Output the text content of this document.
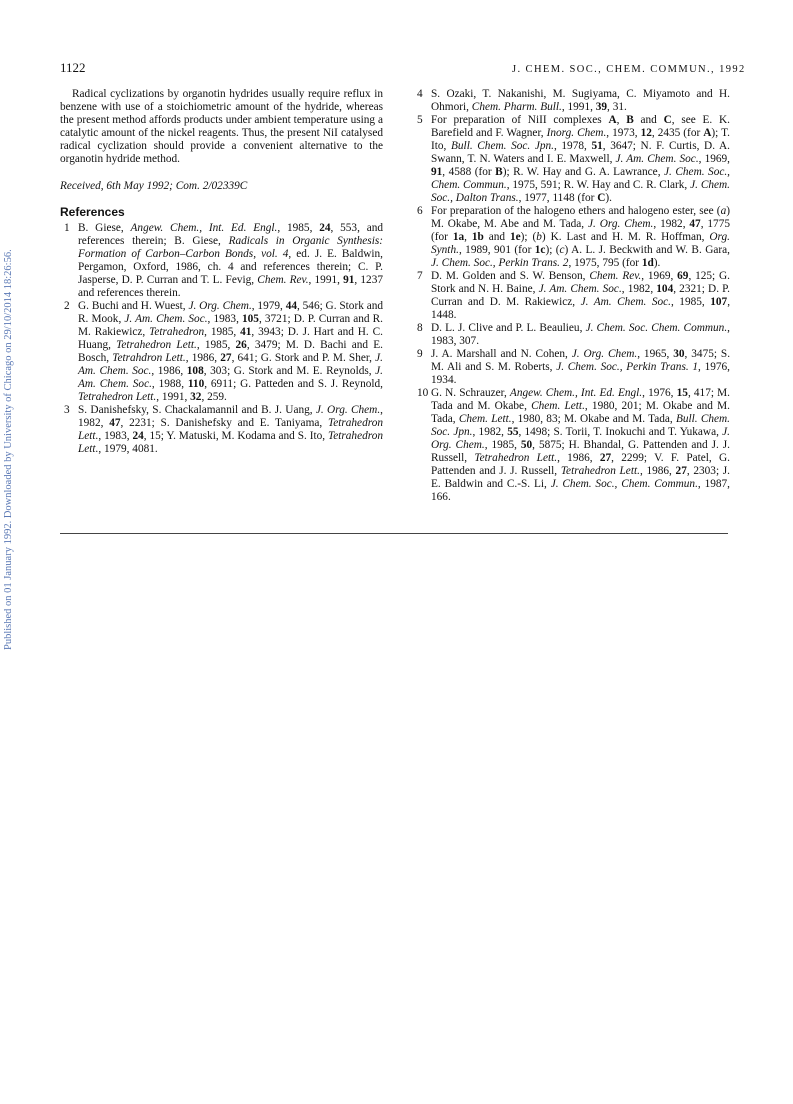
1122	J. CHEM. SOC., CHEM. COMMUN., 1992
Published on 01 January 1992. Downloaded by University of Chicago on 29/10/2014 18:26:56.

Radical cyclizations by organotin hydrides usually require reflux in benzene with use of a stoichiometric amount of the hydride, whereas the present method affords products under ambient temperature using a catalytic amount of the nickel reagents. Thus, the present NiI catalysed radical cyclization should provide a convenient alternative to the organotin hydride method.

Received, 6th May 1992; Com. 2/02339C

References
1 B. Giese, Angew. Chem., Int. Ed. Engl., 1985, 24, 553, and references therein; B. Giese, Radicals in Organic Synthesis: Formation of Carbon–Carbon Bonds, vol. 4, ed. J. E. Baldwin, Pergamon, Oxford, 1986, ch. 4 and references therein; C. P. Jasperse, D. P. Curran and T. L. Fevig, Chem. Rev., 1991, 91, 1237 and references therein.
2 G. Buchi and H. Wuest, J. Org. Chem., 1979, 44, 546; G. Stork and R. Mook, J. Am. Chem. Soc., 1983, 105, 3721; D. P. Curran and R. M. Rakiewicz, Tetrahedron, 1985, 41, 3943; D. J. Hart and H. C. Huang, Tetrahedron Lett., 1985, 26, 3479; M. D. Bachi and E. Bosch, Tetrahdron Lett., 1986, 27, 641; G. Stork and P. M. Sher, J. Am. Chem. Soc., 1986, 108, 303; G. Stork and M. E. Reynolds, J. Am. Chem. Soc., 1988, 110, 6911; G. Patteden and S. J. Reynold, Tetrahedron Lett., 1991, 32, 259.
3 S. Danishefsky, S. Chackalamannil and B. J. Uang, J. Org. Chem., 1982, 47, 2231; S. Danishefsky and E. Taniyama, Tetrahedron Lett., 1983, 24, 15; Y. Matuski, M. Kodama and S. Ito, Tetrahedron Lett., 1979, 4081.
4 S. Ozaki, T. Nakanishi, M. Sugiyama, C. Miyamoto and H. Ohmori, Chem. Pharm. Bull., 1991, 39, 31.
5 For preparation of NiII complexes A, B and C, see E. K. Barefield and F. Wagner, Inorg. Chem., 1973, 12, 2435 (for A); T. Ito, Bull. Chem. Soc. Jpn., 1978, 51, 3647; N. F. Curtis, D. A. Swann, T. N. Waters and I. E. Maxwell, J. Am. Chem. Soc., 1969, 91, 4588 (for B); R. W. Hay and G. A. Lawrance, J. Chem. Soc., Chem. Commun., 1975, 591; R. W. Hay and C. R. Clark, J. Chem. Soc., Dalton Trans., 1977, 1148 (for C).
6 For preparation of the halogeno ethers and halogeno ester, see (a) M. Okabe, M. Abe and M. Tada, J. Org. Chem., 1982, 47, 1775 (for 1a, 1b and 1e); (b) K. Last and H. M. R. Hoffman, Org. Synth., 1989, 901 (for 1c); (c) A. L. J. Beckwith and W. B. Gara, J. Chem. Soc., Perkin Trans. 2, 1975, 795 (for 1d).
7 D. M. Golden and S. W. Benson, Chem. Rev., 1969, 69, 125; G. Stork and N. H. Baine, J. Am. Chem. Soc., 1982, 104, 2321; D. P. Curran and D. M. Rakiewicz, J. Am. Chem. Soc., 1985, 107, 1448.
8 D. L. J. Clive and P. L. Beaulieu, J. Chem. Soc. Chem. Commun., 1983, 307.
9 J. A. Marshall and N. Cohen, J. Org. Chem., 1965, 30, 3475; S. M. Ali and S. M. Roberts, J. Chem. Soc., Perkin Trans. 1, 1976, 1934.
10 G. N. Schrauzer, Angew. Chem., Int. Ed. Engl., 1976, 15, 417; M. Tada and M. Okabe, Chem. Lett., 1980, 201; M. Okabe and M. Tada, Chem. Lett., 1980, 83; M. Okabe and M. Tada, Bull. Chem. Soc. Jpn., 1982, 55, 1498; S. Torii, T. Inokuchi and T. Yukawa, J. Org. Chem., 1985, 50, 5875; H. Bhandal, G. Pattenden and J. J. Russell, Tetrahedron Lett., 1986, 27, 2299; V. F. Patel, G. Pattenden and J. J. Russell, Tetrahedron Lett., 1986, 27, 2303; J. E. Baldwin and C.-S. Li, J. Chem. Soc., Chem. Commun., 1987, 166.
